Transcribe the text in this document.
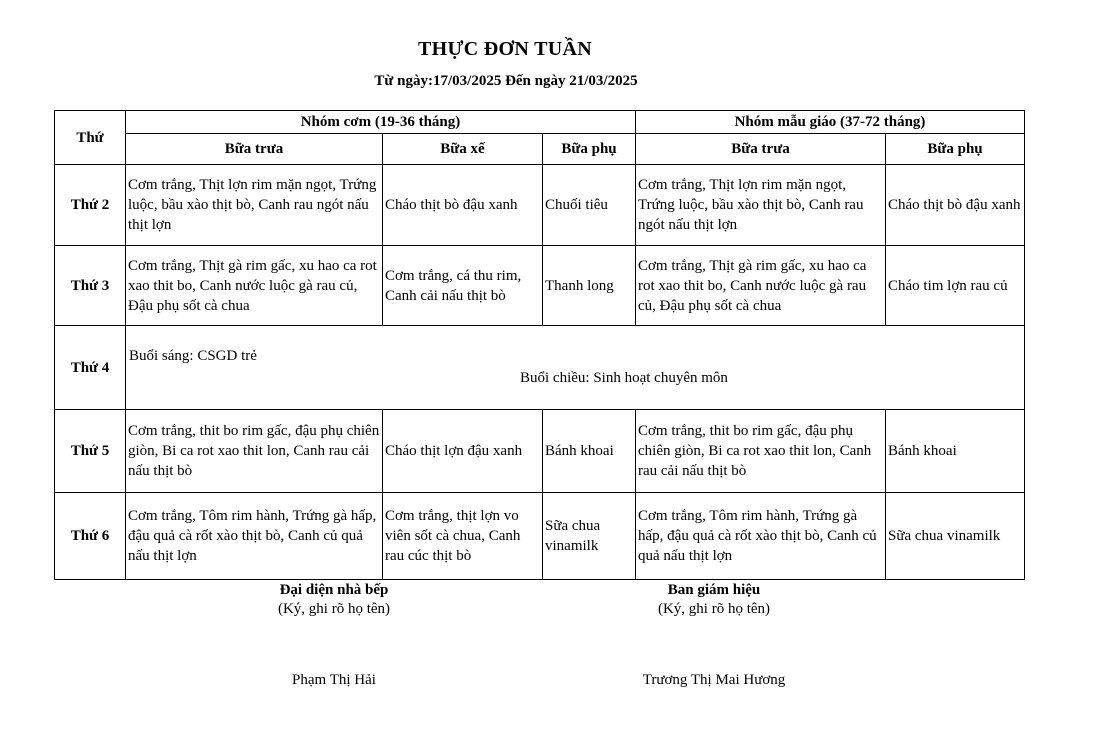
THỰC ĐƠN TUẦN
Từ ngày:17/03/2025 Đến ngày 21/03/2025
Thứ	Nhóm cơm (19-36 tháng)			Nhóm mẫu giáo (37-72 tháng)	
	Bữa trưa	Bữa xế	Bữa phụ	Bữa trưa	Bữa phụ
Thứ 2	Cơm trắng, Thịt lợn rim mặn ngọt, Trứng luộc, bầu xào thịt bò, Canh rau ngót nấu thịt lợn	Cháo thịt bò đậu xanh	Chuối tiêu	Cơm trắng, Thịt lợn rim mặn ngọt, Trứng luộc, bầu xào thịt bò, Canh rau ngót nấu thịt lợn	Cháo thịt bò đậu xanh
Thứ 3	Cơm trắng, Thịt gà rim gấc, xu hao ca rot xao thit bo, Canh nước luộc gà rau củ, Đậu phụ sốt cà chua	Cơm trắng, cá thu rim, Canh cải nấu thịt bò	Thanh long	Cơm trắng, Thịt gà rim gấc, xu hao ca rot xao thit bo, Canh nước luộc gà rau củ, Đậu phụ sốt cà chua	Cháo tim lợn rau củ
Thứ 4	Buổi sáng: CSGD trẻ
Buổi chiều: Sinh hoạt chuyên môn				

Thứ 5	Cơm trắng, thit bo rim gấc, đậu phụ chiên giòn, Bi ca rot xao thit lon, Canh rau cải nấu thịt bò	Cháo thịt lợn đậu xanh	Bánh khoai	Cơm trắng, thit bo rim gấc, đậu phụ chiên giòn, Bi ca rot xao thit lon, Canh rau cải nấu thịt bò	Bánh khoai
Thứ 6	Cơm trắng, Tôm rim hành, Trứng gà hấp, đậu quả cà rốt xào thịt bò, Canh củ quả nấu thịt lợn	Cơm trắng, thịt lợn vo viên sốt cà chua, Canh rau cúc thịt bò	Sữa chua vinamilk	Cơm trắng, Tôm rim hành, Trứng gà hấp, đậu quả cà rốt xào thịt bò, Canh củ quả nấu thịt lợn	Sữa chua vinamilk
Đại diện nhà bếp
(Ký, ghi rõ họ tên)
Phạm Thị Hải
Ban giám hiệu
(Ký, ghi rõ họ tên)
Trương Thị Mai Hương
